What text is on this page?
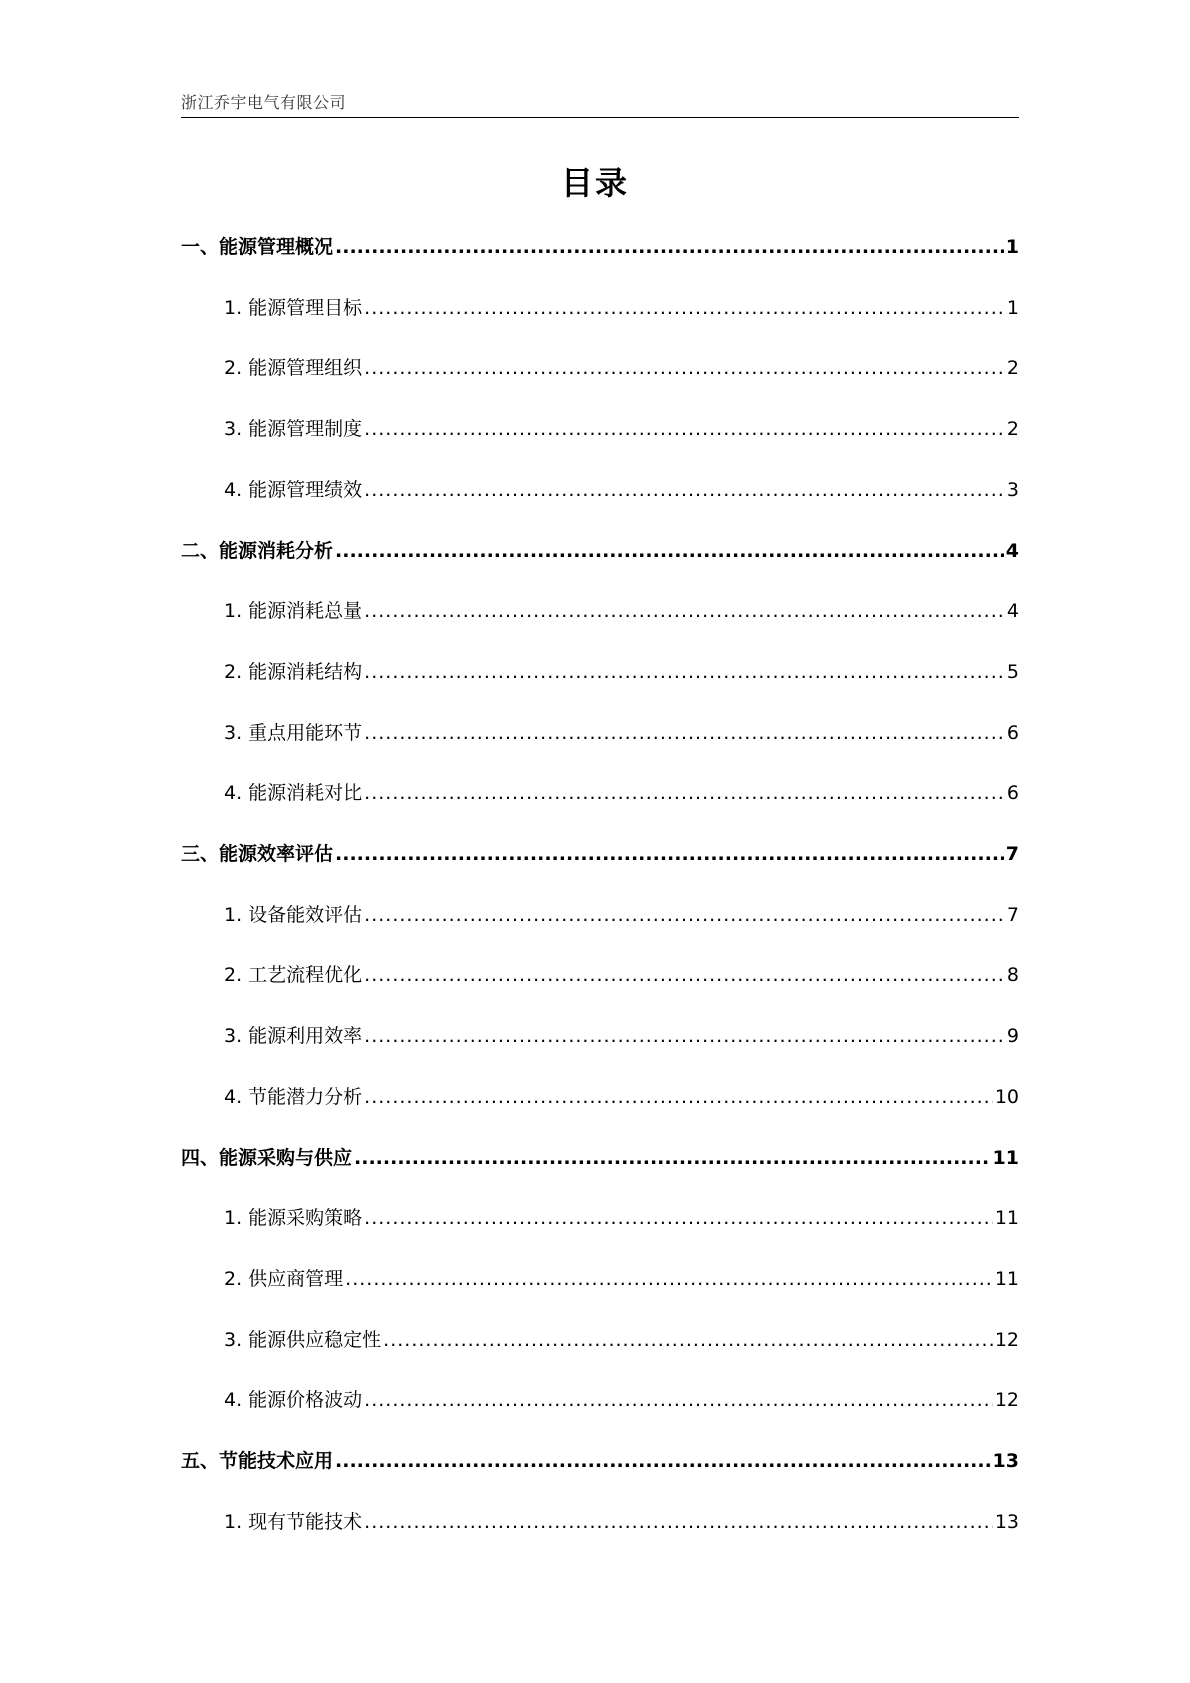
浙江乔宇电气有限公司
目录
一、能源管理概况 .....	1
1. 能源管理目标 .....	1
2. 能源管理组织 .....	2
3. 能源管理制度 .....	2
4. 能源管理绩效 .....	3
二、能源消耗分析 .....	4
1. 能源消耗总量 .....	4
2. 能源消耗结构 .....	5
3. 重点用能环节 .....	6
4. 能源消耗对比 .....	6
三、能源效率评估 .....	7
1. 设备能效评估 .....	7
2. 工艺流程优化 .....	8
3. 能源利用效率 .....	9
4. 节能潜力分析 .....	10
四、能源采购与供应 .....	11
1. 能源采购策略 .....	11
2. 供应商管理 .....	11
3. 能源供应稳定性 .....	12
4. 能源价格波动 .....	12
五、节能技术应用 .....	13
1. 现有节能技术 .....	13
